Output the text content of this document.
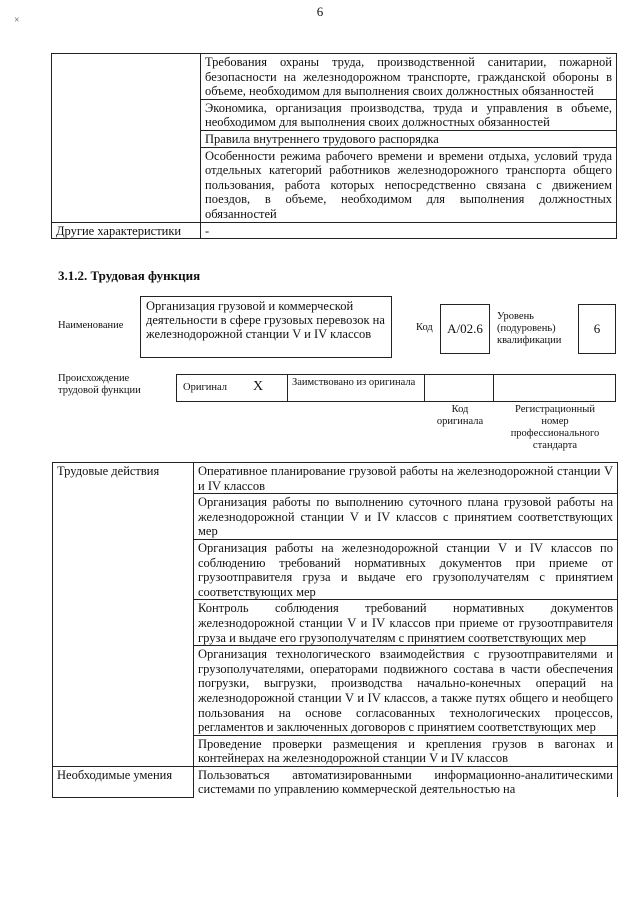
×
6
	Требования охраны труда, производственной санитарии, пожарной безопасности на железнодорожном транспорте, гражданской обороны в объеме, необходимом для выполнения своих должностных обязанностей
	Экономика, организация производства, труда и управления в объеме, необходимом для выполнения своих должностных обязанностей
	Правила внутреннего трудового распорядка
	Особенности режима рабочего времени и времени отдыха, условий труда отдельных категорий работников железнодорожного транспорта общего пользования, работа которых непосредственно связана с движением поездов, в объеме, необходимом для выполнения должностных обязанностей
Другие характеристики	-
3.1.2. Трудовая функция
Наименование
Организация грузовой и коммерческой деятельности в сфере грузовых перевозок на железнодорожной станции V и IV классов	Код	А/02.6
Уровень (подуровень) квалификации
6
Происхождение трудовой функции	Оригинал X	Заимствовано из оригинала
Код оригинала
Регистрационный номер профессионального стандарта
Трудовые действия	Оперативное планирование грузовой работы на железнодорожной станции V и IV классов
	Организация работы по выполнению суточного плана грузовой работы на железнодорожной станции V и IV классов с принятием соответствующих мер
	Организация работы на железнодорожной станции V и IV классов по соблюдению требований нормативных документов при приеме от грузоотправителя груза и выдаче его грузополучателям с принятием соответствующих мер
	Контроль соблюдения требований нормативных документов железнодорожной станции V и IV классов при приеме от грузоотправителя груза и выдаче его грузополучателям с принятием соответствующих мер
	Организация технологического взаимодействия с грузоотправителями и грузополучателями, операторами подвижного состава в части обеспечения погрузки, выгрузки, производства начально-конечных операций на железнодорожной станции V и IV классов, а также путях общего и необщего пользования на основе согласованных технологических процессов, регламентов и заключенных договоров с принятием соответствующих мер
	Проведение проверки размещения и крепления грузов в вагонах и контейнерах на железнодорожной станции V и IV классов
Необходимые умения	Пользоваться автоматизированными информационно-аналитическими системами по управлению коммерческой деятельностью на
